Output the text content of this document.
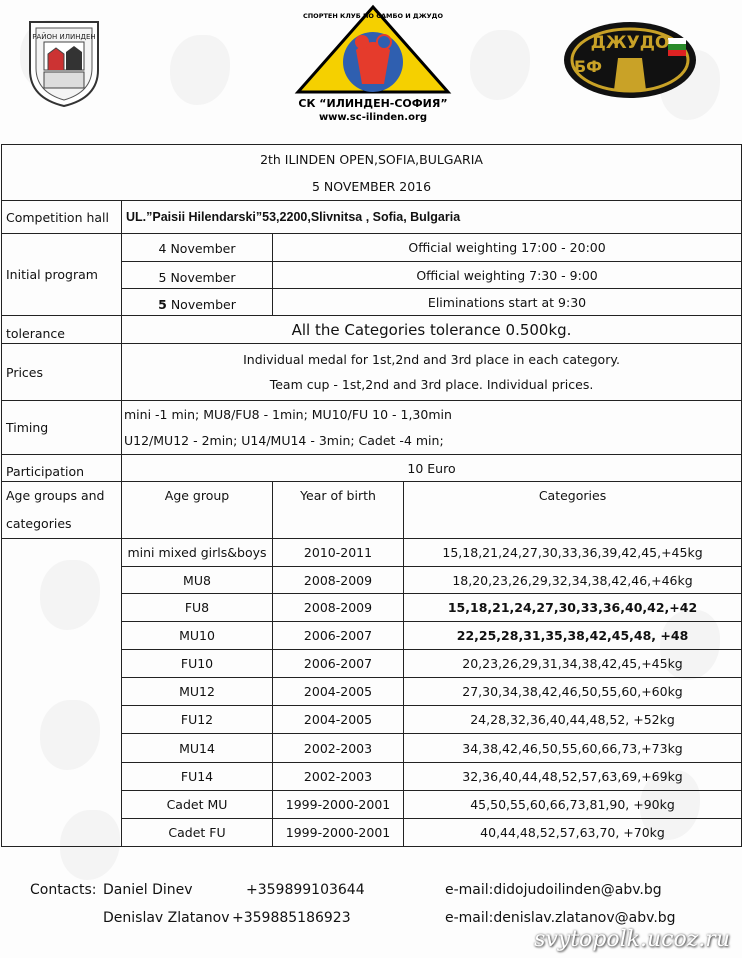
РАЙОН ИЛИНДЕН
СК “ИЛИНДЕН-СОФИЯ”
www.sc-ilinden.org
СПОРТЕН КЛУБ ПО САМБО И ДЖУДО
ДЖУДО
БФ
2th ILINDEN OPEN,SOFIA,BULGARIA
5 NOVEMBER 2016			

Competition hall	UL.”Paisii Hilendarski”53,2200,Slivnitsa , Sofia, Bulgaria		
Initial program	4 November	Official weighting 17:00 - 20:00	
	5 November	Official weighting 7:30 - 9:00	
	5 November	Eliminations start at 9:30	
tolerance	All the Categories tolerance 0.500kg.		
Prices	Individual medal for 1st,2nd and 3rd place in each category.
Team cup - 1st,2nd and 3rd place. Individual prices.		

Timing	mini -1 min; MU8/FU8 - 1min; MU10/FU 10 - 1,30min
U12/MU12 - 2min; U14/MU14 - 3min; Cadet -4 min;		

Participation	10 Euro		

Age groups and
categories	Age group	Year of birth	Categories
	mini mixed girls&boys	2010-2011	15,18,21,24,27,30,33,36,39,42,45,+45kg
	MU8	2008-2009	18,20,23,26,29,32,34,38,42,46,+46kg
	FU8	2008-2009	15,18,21,24,27,30,33,36,40,42,+42
	MU10	2006-2007	22,25,28,31,35,38,42,45,48, +48
	FU10	2006-2007	20,23,26,29,31,34,38,42,45,+45kg
	MU12	2004-2005	27,30,34,38,42,46,50,55,60,+60kg
	FU12	2004-2005	24,28,32,36,40,44,48,52, +52kg
	MU14	2002-2003	34,38,42,46,50,55,60,66,73,+73kg
	FU14	2002-2003	32,36,40,44,48,52,57,63,69,+69kg
	Cadet MU	1999-2000-2001	45,50,55,60,66,73,81,90, +90kg
	Cadet FU	1999-2000-2001	40,44,48,52,57,63,70, +70kg
Contacts: Daniel Dinev	+359899103644	e-mail:didojudoilinden@abv.bg
Denislav Zlatanov +359885186923	e-mail:denislav.zlatanov@abv.bg
svytopolk.ucoz.ru
